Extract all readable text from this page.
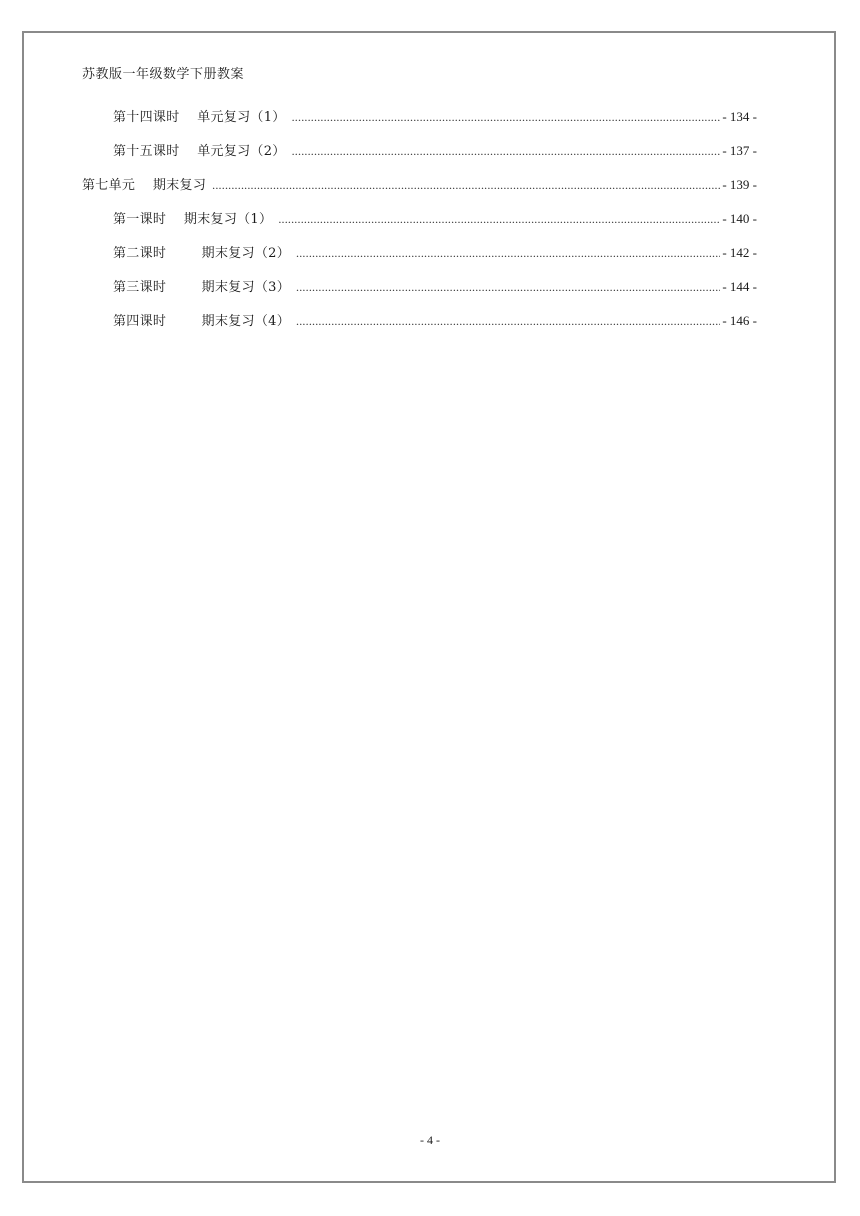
苏教版一年级数学下册教案
第十四课时    单元复习（1） .....	- 134 -
第十五课时    单元复习（2） .....	- 137 -
第七单元    期末复习 .....	- 139 -
第一课时    期末复习（1） .....	- 140 -
第二课时        期末复习（2） .....	- 142 -
第三课时        期末复习（3） .....	- 144 -
第四课时        期末复习（4） .....	- 146 -
- 4 -
